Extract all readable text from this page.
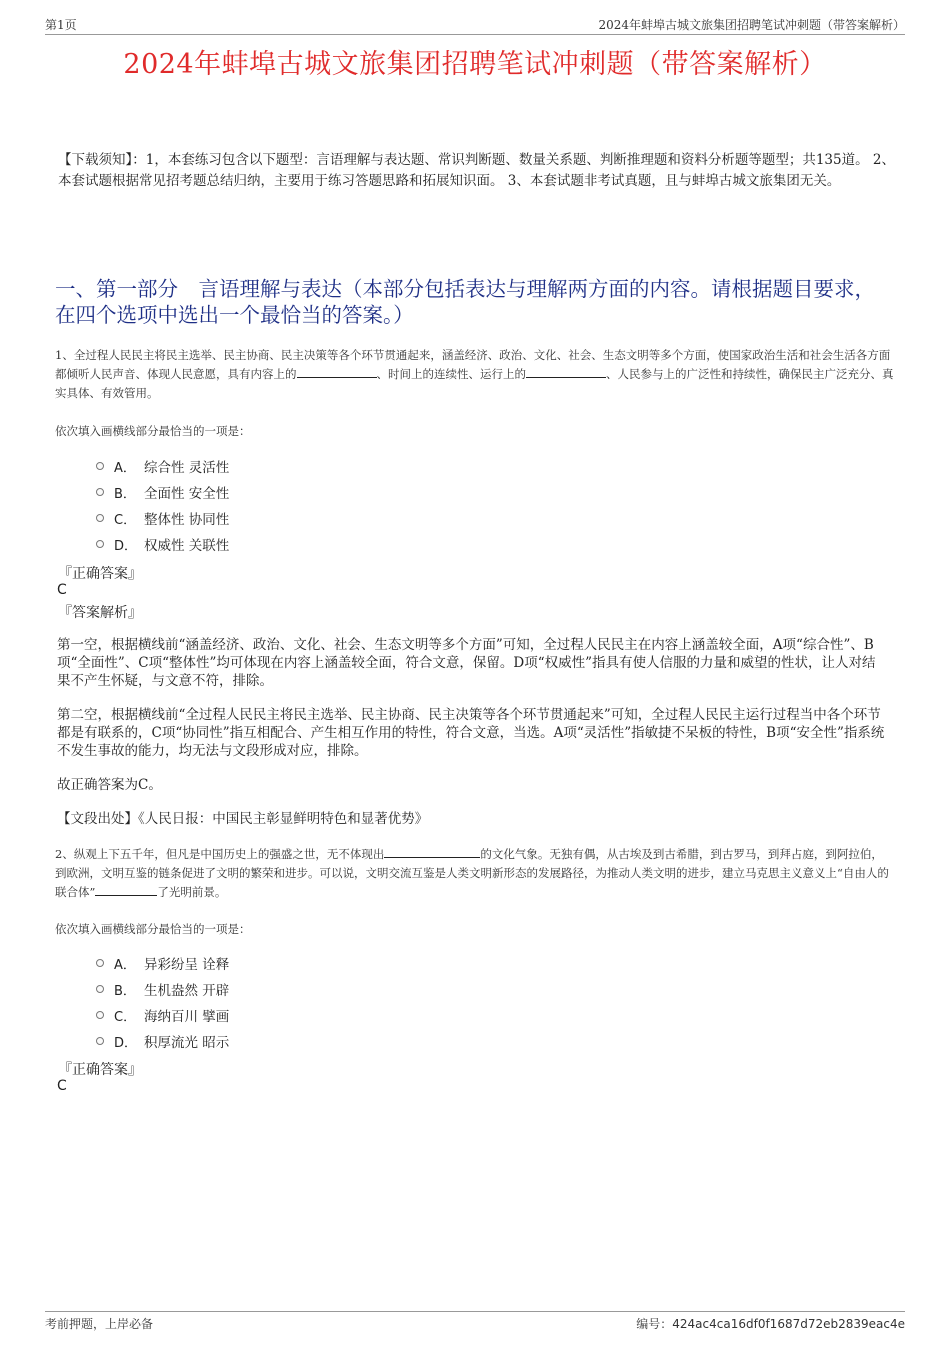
第1页	2024年蚌埠古城文旅集团招聘笔试冲刺题（带答案解析）
2024年蚌埠古城文旅集团招聘笔试冲刺题（带答案解析）
【下载须知】：1，本套练习包含以下题型：言语理解与表达题、常识判断题、数量关系题、判断推理题和资料分析题等题型；共135道。 2、本套试题根据常见招考题总结归纳，主要用于练习答题思路和拓展知识面。 3、本套试题非考试真题，且与蚌埠古城文旅集团无关。
一、第一部分　言语理解与表达（本部分包括表达与理解两方面的内容。请根据题目要求，在四个选项中选出一个最恰当的答案。）
1、全过程人民民主将民主选举、民主协商、民主决策等各个环节贯通起来，涵盖经济、政治、文化、社会、生态文明等多个方面，使国家政治生活和社会生活各方面都倾听人民声音、体现人民意愿，具有内容上的	、时间上的连续性、运行上的	、人民参与上的广泛性和持续性，确保民主广泛充分、真实具体、有效管用。
依次填入画横线部分最恰当的一项是：
A． 综合性 灵活性
B． 全面性 安全性
C． 整体性 协同性
D． 权威性 关联性
『正确答案』
C
『答案解析』
第一空，根据横线前“涵盖经济、政治、文化、社会、生态文明等多个方面”可知，全过程人民民主在内容上涵盖较全面，A项“综合性”、B项“全面性”、C项“整体性”均可体现在内容上涵盖较全面，符合文意，保留。D项“权威性”指具有使人信服的力量和威望的性状，让人对结果不产生怀疑，与文意不符，排除。
第二空，根据横线前“全过程人民民主将民主选举、民主协商、民主决策等各个环节贯通起来”可知，全过程人民民主运行过程当中各个环节都是有联系的，C项“协同性”指互相配合、产生相互作用的特性，符合文意，当选。A项“灵活性”指敏捷不呆板的特性，B项“安全性”指系统不发生事故的能力，均无法与文段形成对应，排除。
故正确答案为C。
【文段出处】《人民日报：中国民主彰显鲜明特色和显著优势》
2、纵观上下五千年，但凡是中国历史上的强盛之世，无不体现出	的文化气象。无独有偶，从古埃及到古希腊，到古罗马，到拜占庭，到阿拉伯，到欧洲，文明互鉴的链条促进了文明的繁荣和进步。可以说，文明交流互鉴是人类文明新形态的发展路径，为推动人类文明的进步，建立马克思主义意义上“自由人的联合体”	了光明前景。
依次填入画横线部分最恰当的一项是：
A． 异彩纷呈 诠释
B． 生机盎然 开辟
C． 海纳百川 擘画
D． 积厚流光 昭示
『正确答案』
C
考前押题，上岸必备	编号：424ac4ca16df0f1687d72eb2839eac4e
